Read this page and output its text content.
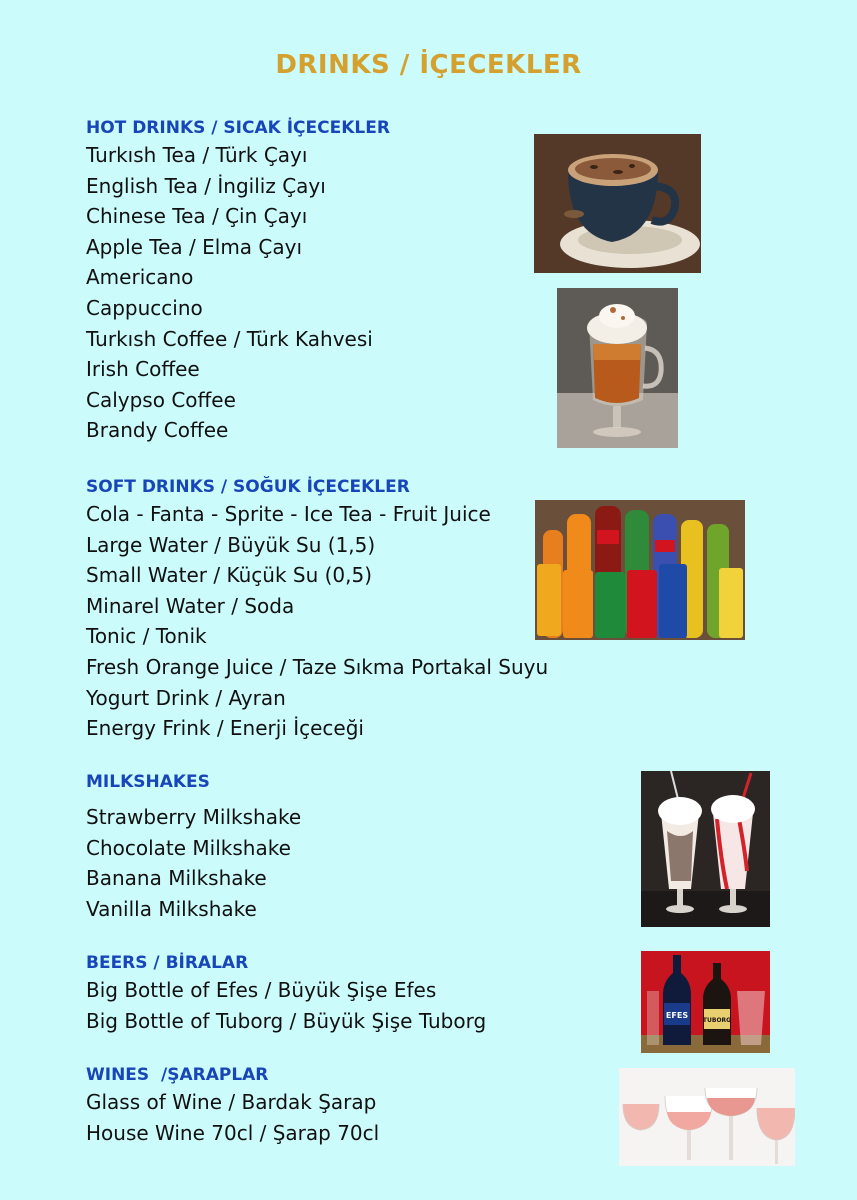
DRINKS / İÇECEKLER
HOT DRINKS / SICAK İÇECEKLER
Turkısh Tea / Türk Çayı
English Tea / İngiliz Çayı
Chinese Tea / Çin Çayı
Apple Tea / Elma Çayı
Americano
Cappuccino
Turkısh Coffee / Türk Kahvesi
Irish Coffee
Calypso Coffee
Brandy Coffee
SOFT DRINKS / SOĞUK İÇECEKLER
Cola - Fanta - Sprite - Ice Tea - Fruit Juice
Large Water / Büyük Su (1,5)
Small Water / Küçük Su (0,5)
Minarel Water / Soda
Tonic / Tonik
Fresh Orange Juice / Taze Sıkma Portakal Suyu
Yogurt Drink / Ayran
Energy Frink / Enerji İçeceği
MILKSHAKES
Strawberry Milkshake
Chocolate Milkshake
Banana Milkshake
Vanilla Milkshake
BEERS / BİRALAR
Big Bottle of Efes / Büyük Şişe Efes
Big Bottle of Tuborg / Büyük Şişe Tuborg
WINES  /ŞARAPLAR
Glass of Wine / Bardak Şarap
House Wine 70cl / Şarap 70cl
EFES
TUBORG
